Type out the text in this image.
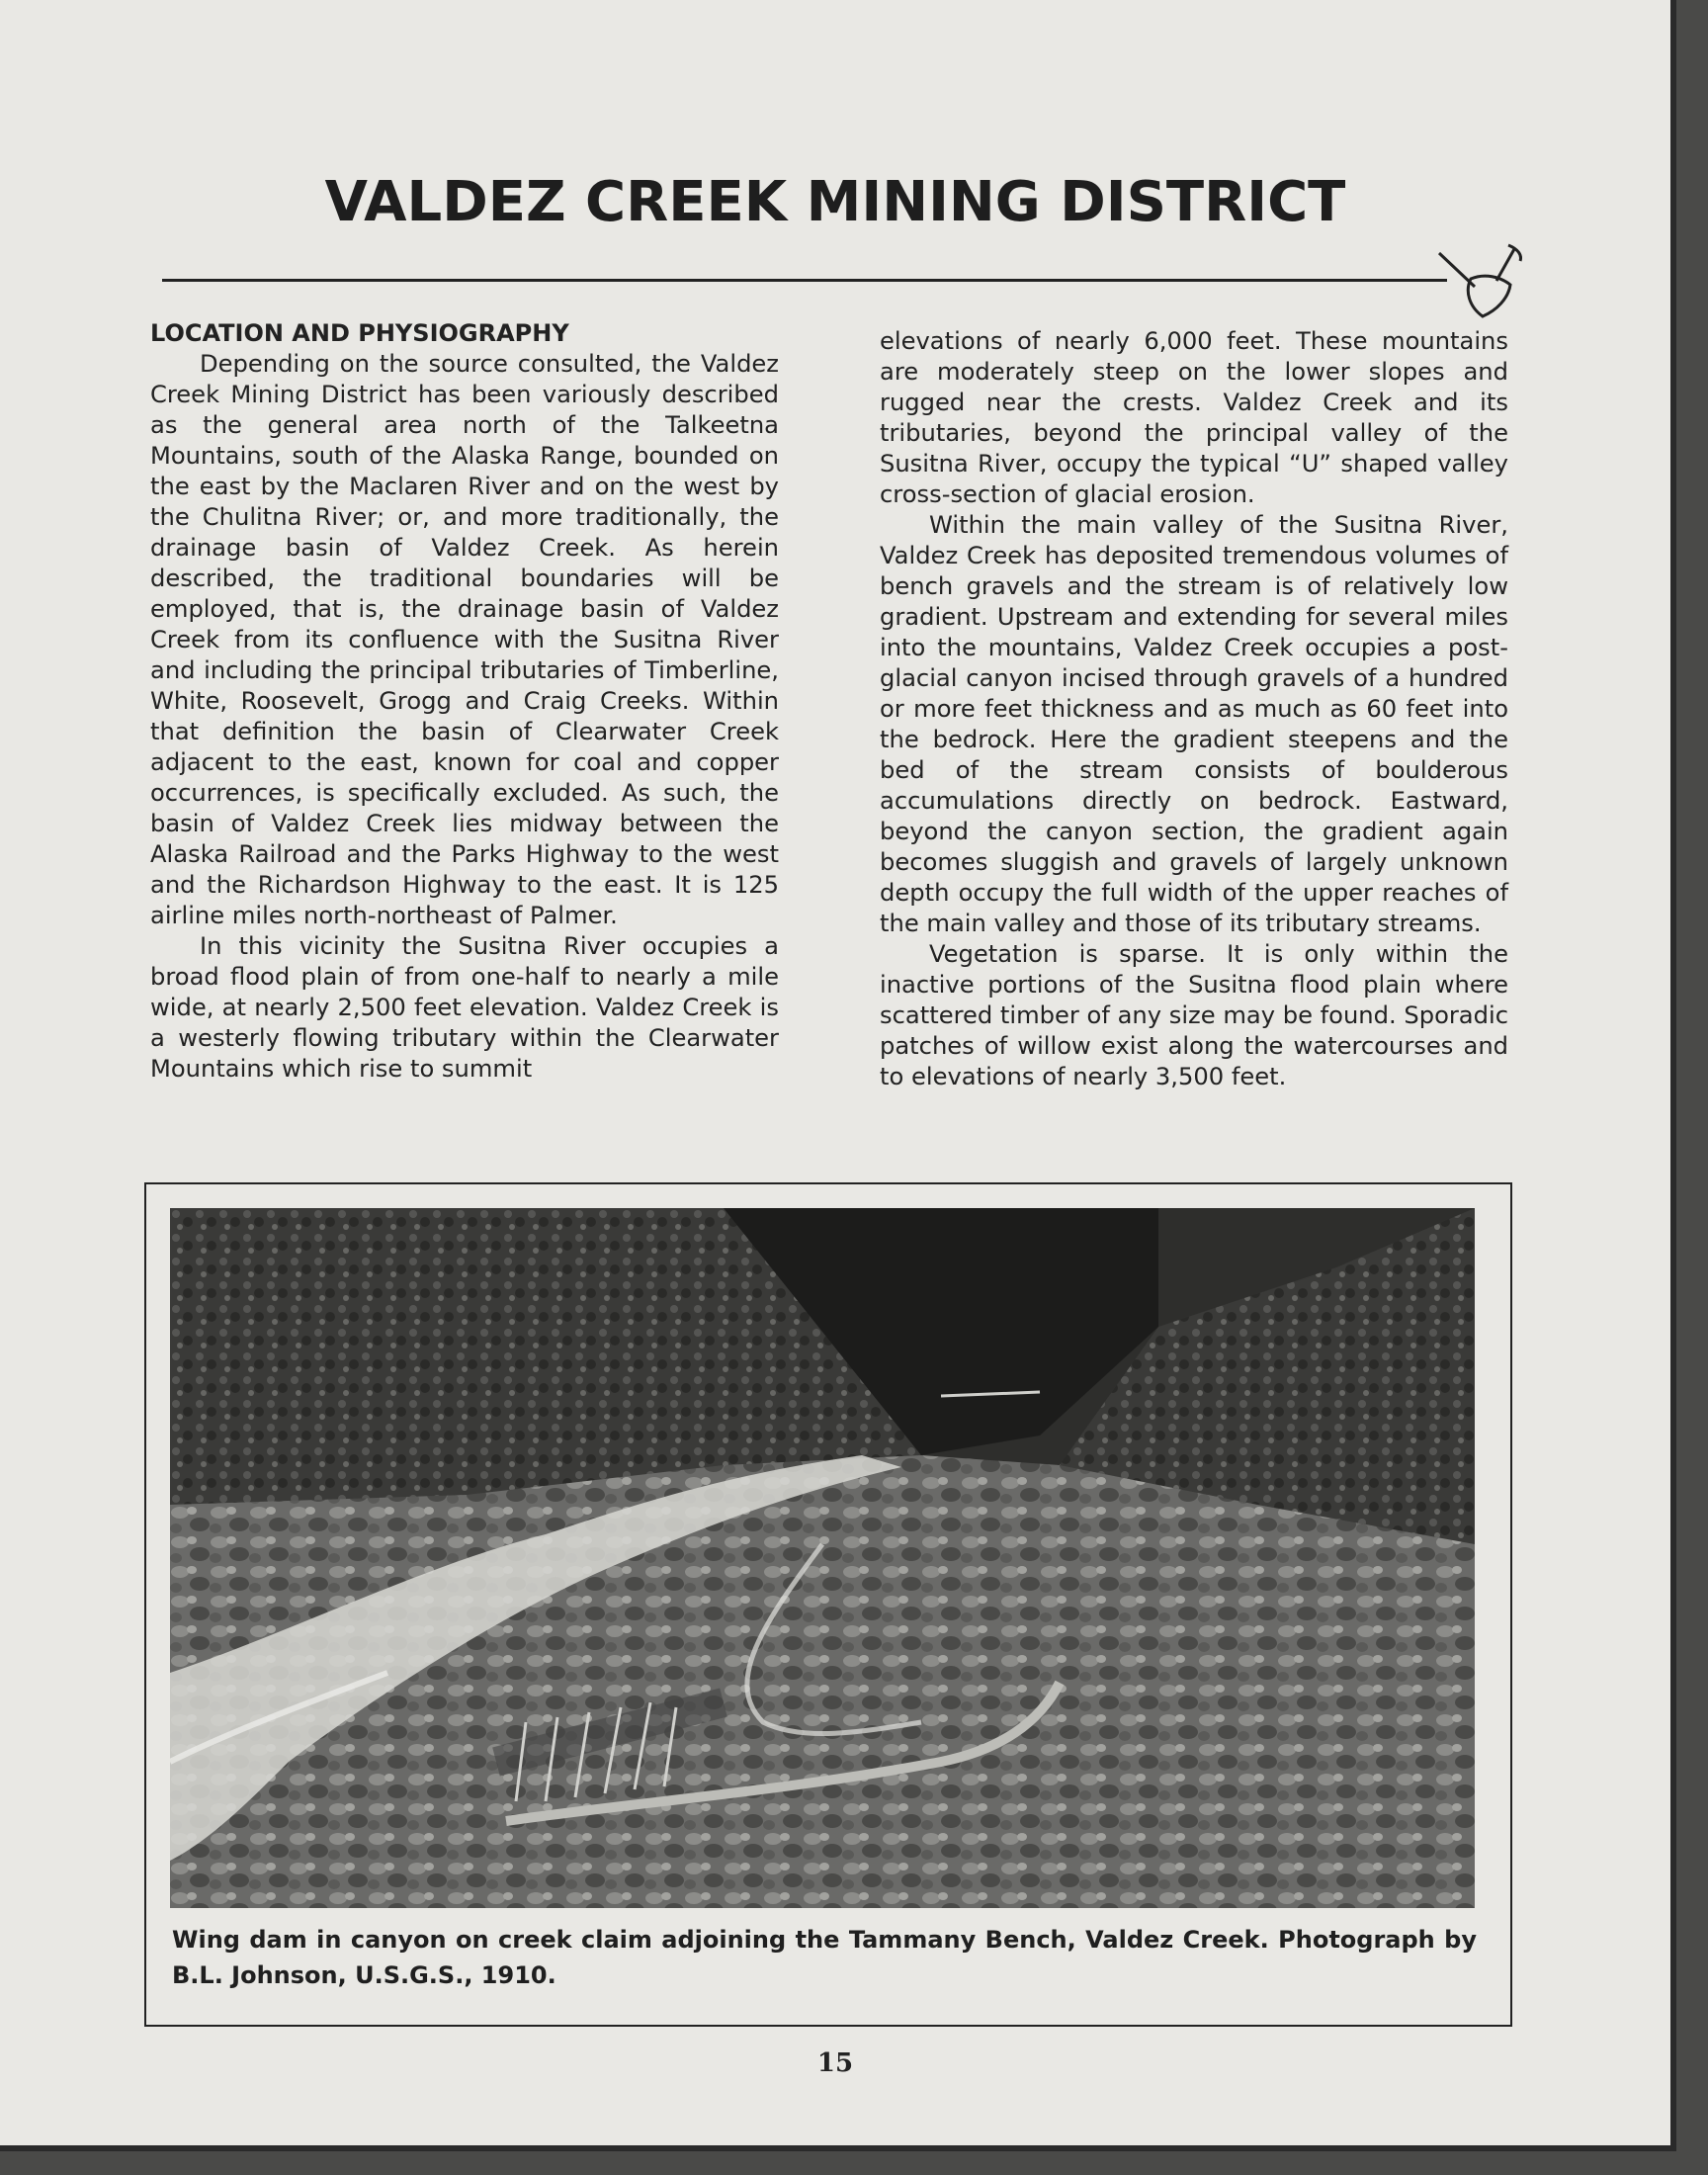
VALDEZ CREEK MINING DISTRICT
LOCATION AND PHYSIOGRAPHY

Depending on the source consulted, the Valdez Creek Mining District has been variously described as the general area north of the Talkeetna Mountains, south of the Alaska Range, bounded on the east by the Maclaren River and on the west by the Chulitna River; or, and more traditionally, the drainage basin of Valdez Creek. As herein described, the traditional boundaries will be employed, that is, the drainage basin of Valdez Creek from its confluence with the Susitna River and including the principal tributaries of Timberline, White, Roosevelt, Grogg and Craig Creeks. Within that definition the basin of Clearwater Creek adjacent to the east, known for coal and copper occurrences, is specifically excluded. As such, the basin of Valdez Creek lies midway between the Alaska Railroad and the Parks Highway to the west and the Richardson Highway to the east. It is 125 airline miles north-northeast of Palmer.

In this vicinity the Susitna River occupies a broad flood plain of from one-half to nearly a mile wide, at nearly 2,500 feet elevation. Valdez Creek is a westerly flowing tributary within the Clearwater Mountains which rise to summit

elevations of nearly 6,000 feet. These mountains are moderately steep on the lower slopes and rugged near the crests. Valdez Creek and its tributaries, beyond the principal valley of the Susitna River, occupy the typical “U” shaped valley cross-section of glacial erosion.

Within the main valley of the Susitna River, Valdez Creek has deposited tremendous volumes of bench gravels and the stream is of relatively low gradient. Upstream and extending for several miles into the mountains, Valdez Creek occupies a post-glacial canyon incised through gravels of a hundred or more feet thickness and as much as 60 feet into the bedrock. Here the gradient steepens and the bed of the stream consists of boulderous accumulations directly on bedrock. Eastward, beyond the canyon section, the gradient again becomes sluggish and gravels of largely unknown depth occupy the full width of the upper reaches of the main valley and those of its tributary streams.

Vegetation is sparse. It is only within the inactive portions of the Susitna flood plain where scattered timber of any size may be found. Sporadic patches of willow exist along the watercourses and to elevations of nearly 3,500 feet.

Wing dam in canyon on creek claim adjoining the Tammany Bench, Valdez Creek. Photograph by B.L. Johnson, U.S.G.S., 1910.
15
